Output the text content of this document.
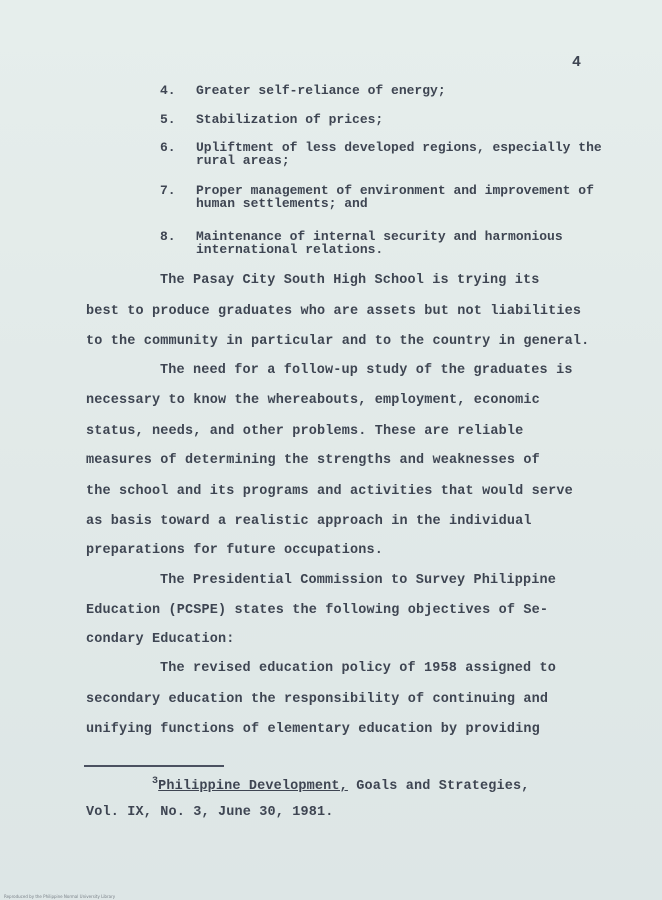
4
4. Greater self-reliance of energy;
5. Stabilization of prices;
6. Upliftment of less developed regions, especially the rural areas;
7. Proper management of environment and improvement of human settlements; and
8. Maintenance of internal security and harmonious international relations.
The Pasay City South High School is trying its
best to produce graduates who are assets but not liabilities
to the community in particular and to the country in general.
The need for a follow-up study of the graduates is
necessary to know the whereabouts, employment, economic
status, needs, and other problems. These are reliable
measures of determining the strengths and weaknesses of
the school and its programs and activities that would serve
as basis toward a realistic approach in the individual
preparations for future occupations.
The Presidential Commission to Survey Philippine
Education (PCSPE) states the following objectives of Se-
condary Education:
The revised education policy of 1958 assigned to
secondary education the responsibility of continuing and
unifying functions of elementary education by providing
$^3$Philippine Development, Goals and Strategies,
Vol. IX, No. 3, June 30, 1981.
Reproduced by the Philippine Normal University Library
